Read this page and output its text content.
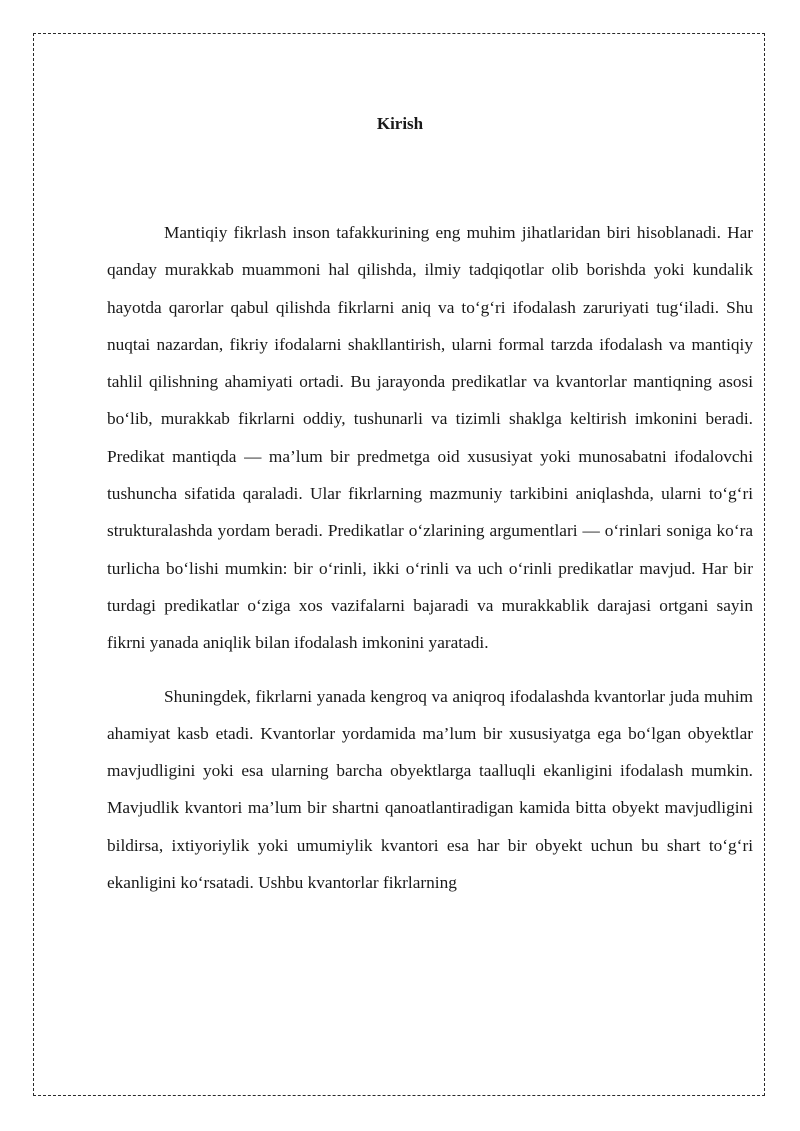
Kirish

Mantiqiy fikrlash inson tafakkurining eng muhim jihatlaridan biri hisoblanadi. Har qanday murakkab muammoni hal qilishda, ilmiy tadqiqotlar olib borishda yoki kundalik hayotda qarorlar qabul qilishda fikrlarni aniq va to‘g‘ri ifodalash zaruriyati tug‘iladi. Shu nuqtai nazardan, fikriy ifodalarni shakllantirish, ularni formal tarzda ifodalash va mantiqiy tahlil qilishning ahamiyati ortadi. Bu jarayonda predikatlar va kvantorlar mantiqning asosi bo‘lib, murakkab fikrlarni oddiy, tushunarli va tizimli shaklga keltirish imkonini beradi. Predikat mantiqda — ma’lum bir predmetga oid xususiyat yoki munosabatni ifodalovchi tushuncha sifatida qaraladi. Ular fikrlarning mazmuniy tarkibini aniqlashda, ularni to‘g‘ri strukturalashda yordam beradi. Predikatlar o‘zlarining argumentlari — o‘rinlari soniga ko‘ra turlicha bo‘lishi mumkin: bir o‘rinli, ikki o‘rinli va uch o‘rinli predikatlar mavjud. Har bir turdagi predikatlar o‘ziga xos vazifalarni bajaradi va murakkablik darajasi ortgani sayin fikrni yanada aniqlik bilan ifodalash imkonini yaratadi.

Shuningdek, fikrlarni yanada kengroq va aniqroq ifodalashda kvantorlar juda muhim ahamiyat kasb etadi. Kvantorlar yordamida ma’lum bir xususiyatga ega bo‘lgan obyektlar mavjudligini yoki esa ularning barcha obyektlarga taalluqli ekanligini ifodalash mumkin. Mavjudlik kvantori ma’lum bir shartni qanoatlantiradigan kamida bitta obyekt mavjudligini bildirsa, ixtiyoriylik yoki umumiylik kvantori esa har bir obyekt uchun bu shart to‘g‘ri ekanligini ko‘rsatadi. Ushbu kvantorlar fikrlarning
